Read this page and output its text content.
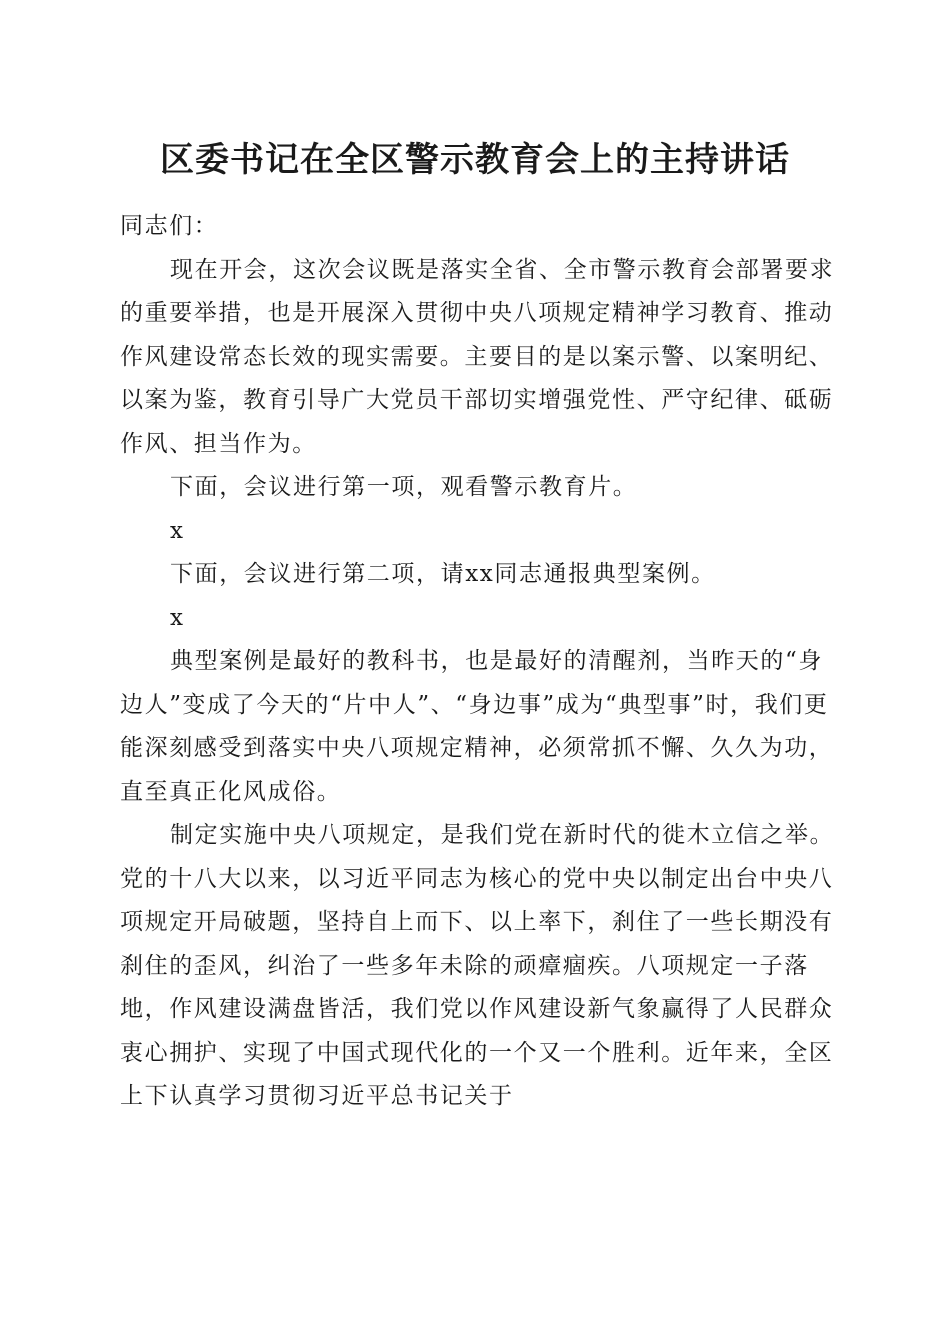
区委书记在全区警示教育会上的主持讲话

同志们：

现在开会，这次会议既是落实全省、全市警示教育会部署要求的重要举措，也是开展深入贯彻中央八项规定精神学习教育、推动作风建设常态长效的现实需要。主要目的是以案示警、以案明纪、以案为鉴，教育引导广大党员干部切实增强党性、严守纪律、砥砺作风、担当作为。

下面，会议进行第一项，观看警示教育片。

x

下面，会议进行第二项，请xx同志通报典型案例。

x

典型案例是最好的教科书，也是最好的清醒剂，当昨天的“身边人”变成了今天的“片中人”、“身边事”成为“典型事”时，我们更能深刻感受到落实中央八项规定精神，必须常抓不懈、久久为功，直至真正化风成俗。

制定实施中央八项规定，是我们党在新时代的徙木立信之举。党的十八大以来，以习近平同志为核心的党中央以制定出台中央八项规定开局破题，坚持自上而下、以上率下，刹住了一些长期没有刹住的歪风，纠治了一些多年未除的顽瘴痼疾。八项规定一子落地，作风建设满盘皆活，我们党以作风建设新气象赢得了人民群众衷心拥护、实现了中国式现代化的一个又一个胜利。近年来，全区上下认真学习贯彻习近平总书记关于
